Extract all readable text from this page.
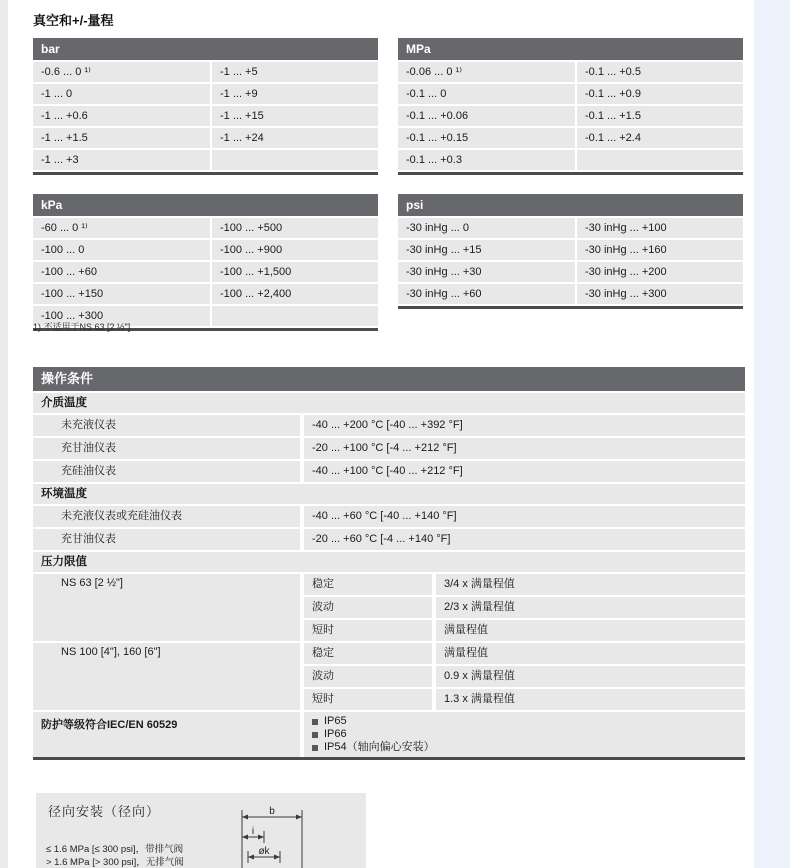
真空和+/-量程
bar
-0.6 ... 0 ¹⁾	-1 ... +5
-1 ... 0	-1 ... +9
-1 ... +0.6	-1 ... +15
-1 ... +1.5	-1 ... +24
-1 ... +3
MPa
-0.06 ... 0 ¹⁾	-0.1 ... +0.5
-0.1 ... 0	-0.1 ... +0.9
-0.1 ... +0.06	-0.1 ... +1.5
-0.1 ... +0.15	-0.1 ... +2.4
-0.1 ... +0.3
kPa
-60 ... 0 ¹⁾	-100 ... +500
-100 ... 0	-100 ... +900
-100 ... +60	-100 ... +1,500
-100 ... +150	-100 ... +2,400
-100 ... +300
psi
-30 inHg ... 0	-30 inHg ... +100
-30 inHg ... +15	-30 inHg ... +160
-30 inHg ... +30	-30 inHg ... +200
-30 inHg ... +60	-30 inHg ... +300
1) 不适用于NS 63 [2 ½"]
操作条件
介质温度
未充液仪表	-40 ... +200 °C [-40 ... +392 °F]
充甘油仪表	-20 ... +100 °C [-4 ... +212 °F]
充硅油仪表	-40 ... +100 °C [-40 ... +212 °F]
环境温度
未充液仪表或充硅油仪表	-40 ... +60 °C [-40 ... +140 °F]
充甘油仪表	-20 ... +60 °C [-4 ... +140 °F]
压力限值
NS 63 [2 ½"]	稳定	3/4 x 满量程值
波动	2/3 x 满量程值
短时	满量程值
NS 100 [4"], 160 [6"]	稳定	满量程值
波动	0.9 x 满量程值
短时	1.3 x 满量程值
防护等级符合IEC/EN 60529	IP65
IP66
IP54（轴向偏心安装）
径向安装（径向）	b
i
øk
≤ 1.6 MPa [≤ 300 psi]，带排气阀
> 1.6 MPa [> 300 psi]，无排气阀
